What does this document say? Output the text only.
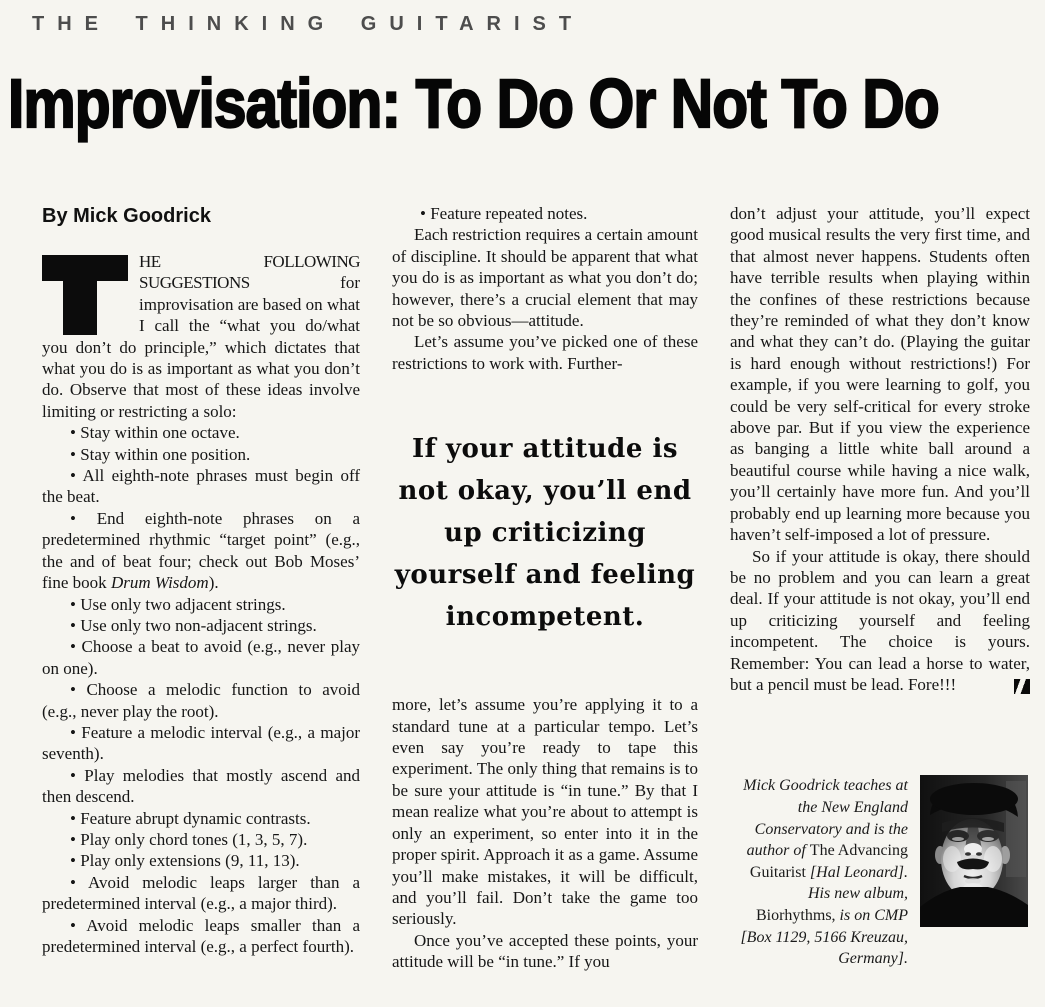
THE THINKING GUITARIST
Improvisation: To Do Or Not To Do
By Mick Goodrick

HE FOLLOWING SUGGESTIONS for improvisation are based on what I call the “what you do/what you don’t do principle,” which dictates that what you do is as important as what you don’t do. Observe that most of these ideas involve limiting or restricting a solo:

• Stay within one octave.

• Stay within one position.

• All eighth-note phrases must begin off the beat.

• End eighth-note phrases on a predetermined rhythmic “target point” (e.g., the and of beat four; check out Bob Moses’ fine book Drum Wisdom).

• Use only two adjacent strings.

• Use only two non-adjacent strings.

• Choose a beat to avoid (e.g., never play on one).

• Choose a melodic function to avoid (e.g., never play the root).

• Feature a melodic interval (e.g., a major seventh).

• Play melodies that mostly ascend and then descend.

• Feature abrupt dynamic contrasts.

• Play only chord tones (1, 3, 5, 7).

• Play only extensions (9, 11, 13).

• Avoid melodic leaps larger than a predetermined interval (e.g., a major third).

• Avoid melodic leaps smaller than a predetermined interval (e.g., a perfect fourth).

• Feature repeated notes.

Each restriction requires a certain amount of discipline. It should be apparent that what you do is as important as what you don’t do; however, there’s a crucial element that may not be so obvious—attitude.

Let’s assume you’ve picked one of these restrictions to work with. Further-

If your attitude is
not okay, you’ll end
up criticizing
yourself and feeling
incompetent.

more, let’s assume you’re applying it to a standard tune at a particular tempo. Let’s even say you’re ready to tape this experiment. The only thing that remains is to be sure your attitude is “in tune.” By that I mean realize what you’re about to attempt is only an experiment, so enter into it in the proper spirit. Approach it as a game. Assume you’ll make mistakes, it will be difficult, and you’ll fail. Don’t take the game too seriously.

Once you’ve accepted these points, your attitude will be “in tune.” If you

don’t adjust your attitude, you’ll expect good musical results the very first time, and that almost never happens. Students often have terrible results when playing within the confines of these restrictions because they’re reminded of what they don’t know and what they can’t do. (Playing the guitar is hard enough without restrictions!) For example, if you were learning to golf, you could be very self-critical for every stroke above par. But if you view the experience as banging a little white ball around a beautiful course while having a nice walk, you’ll certainly have more fun. And you’ll probably end up learning more because you haven’t self-imposed a lot of pressure.

So if your attitude is okay, there should be no problem and you can learn a great deal. If your attitude is not okay, you’ll end up criticizing yourself and feeling incompetent. The choice is yours. Remember: You can lead a horse to water, but a pencil must be lead. Fore!!!

Mick Goodrick teaches at the New England Conservatory and is the author of The Advancing Guitarist [Hal Leonard]. His new album, Biorhythms, is on CMP [Box 1129, 5166 Kreuzau, Germany].
